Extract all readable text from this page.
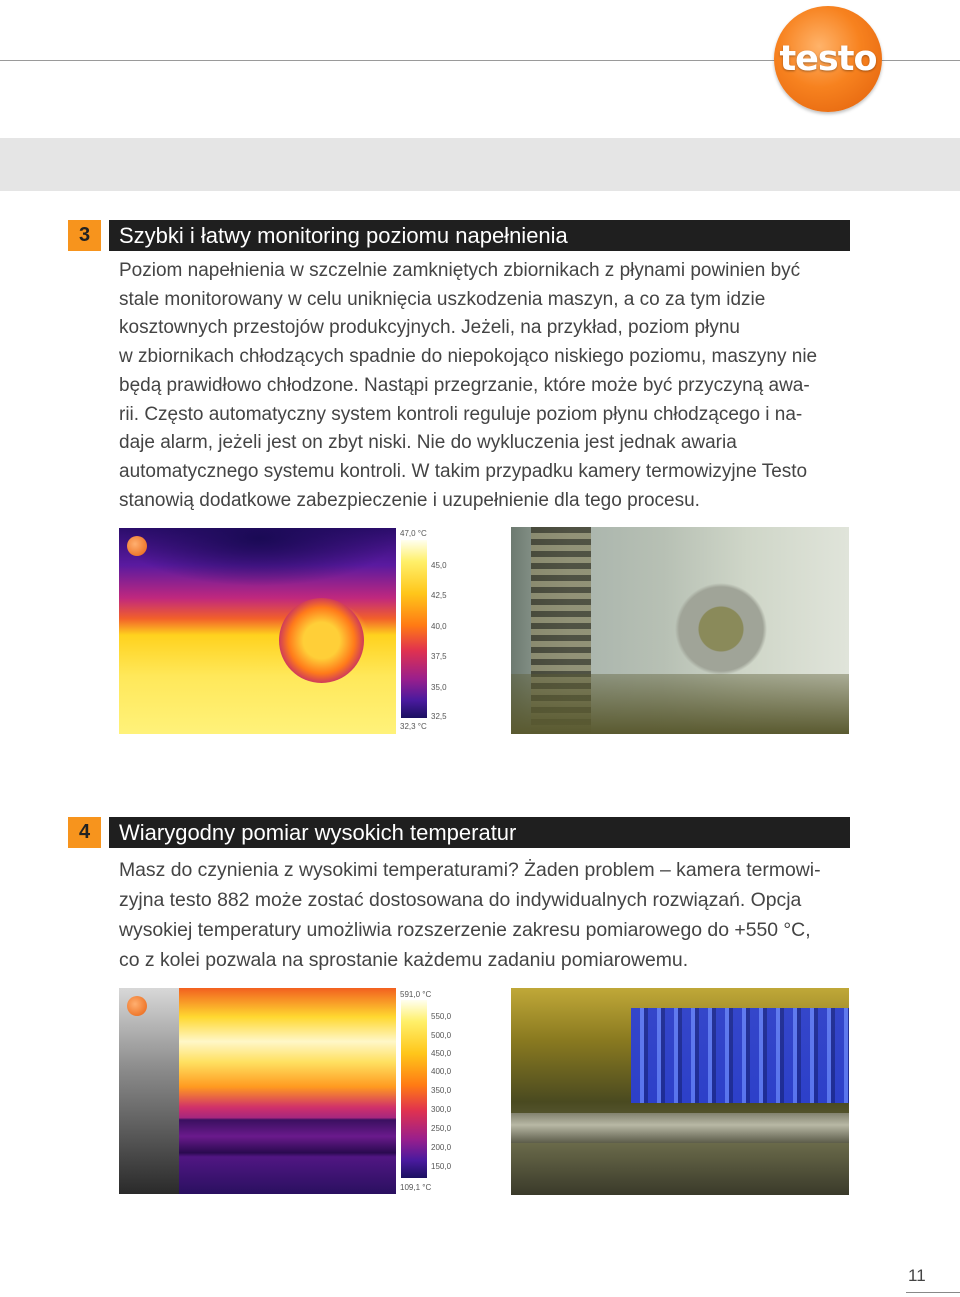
testo
3	Szybki i łatwy monitoring poziomu napełnienia

Poziom napełnienia w szczelnie zamkniętych zbiornikach z płynami powinien być
stale monitorowany w celu uniknięcia uszkodzenia maszyn, a co za tym idzie
kosztownych przestojów produkcyjnych. Jeżeli, na przykład, poziom płynu
w zbiornikach chłodzących spadnie do niepokojąco niskiego poziomu, maszyny nie
będą prawidłowo chłodzone. Nastąpi przegrzanie, które może być przyczyną awa-
rii. Często automatyczny system kontroli reguluje poziom płynu chłodzącego i na-
daje alarm, jeżeli jest on zbyt niski. Nie do wykluczenia jest jednak awaria
automatycznego systemu kontroli. W takim przypadku kamery termowizyjne Testo
stanowią dodatkowe zabezpieczenie i uzupełnienie dla tego procesu.

47,0 °C
45,0
42,5
40,0
37,5
35,0
32,5
32,3 °C
4	Wiarygodny pomiar wysokich temperatur

Masz do czynienia z wysokimi temperaturami? Żaden problem – kamera termowi-
zyjna testo 882 może zostać dostosowana do indywidualnych rozwiązań. Opcja
wysokiej temperatury umożliwia rozszerzenie zakresu pomiarowego do +550 °C,
co z kolei pozwala na sprostanie każdemu zadaniu pomiarowemu.

591,0 °C
550,0
500,0
450,0
400,0
350,0
300,0
250,0
200,0
150,0
109,1 °C
11
